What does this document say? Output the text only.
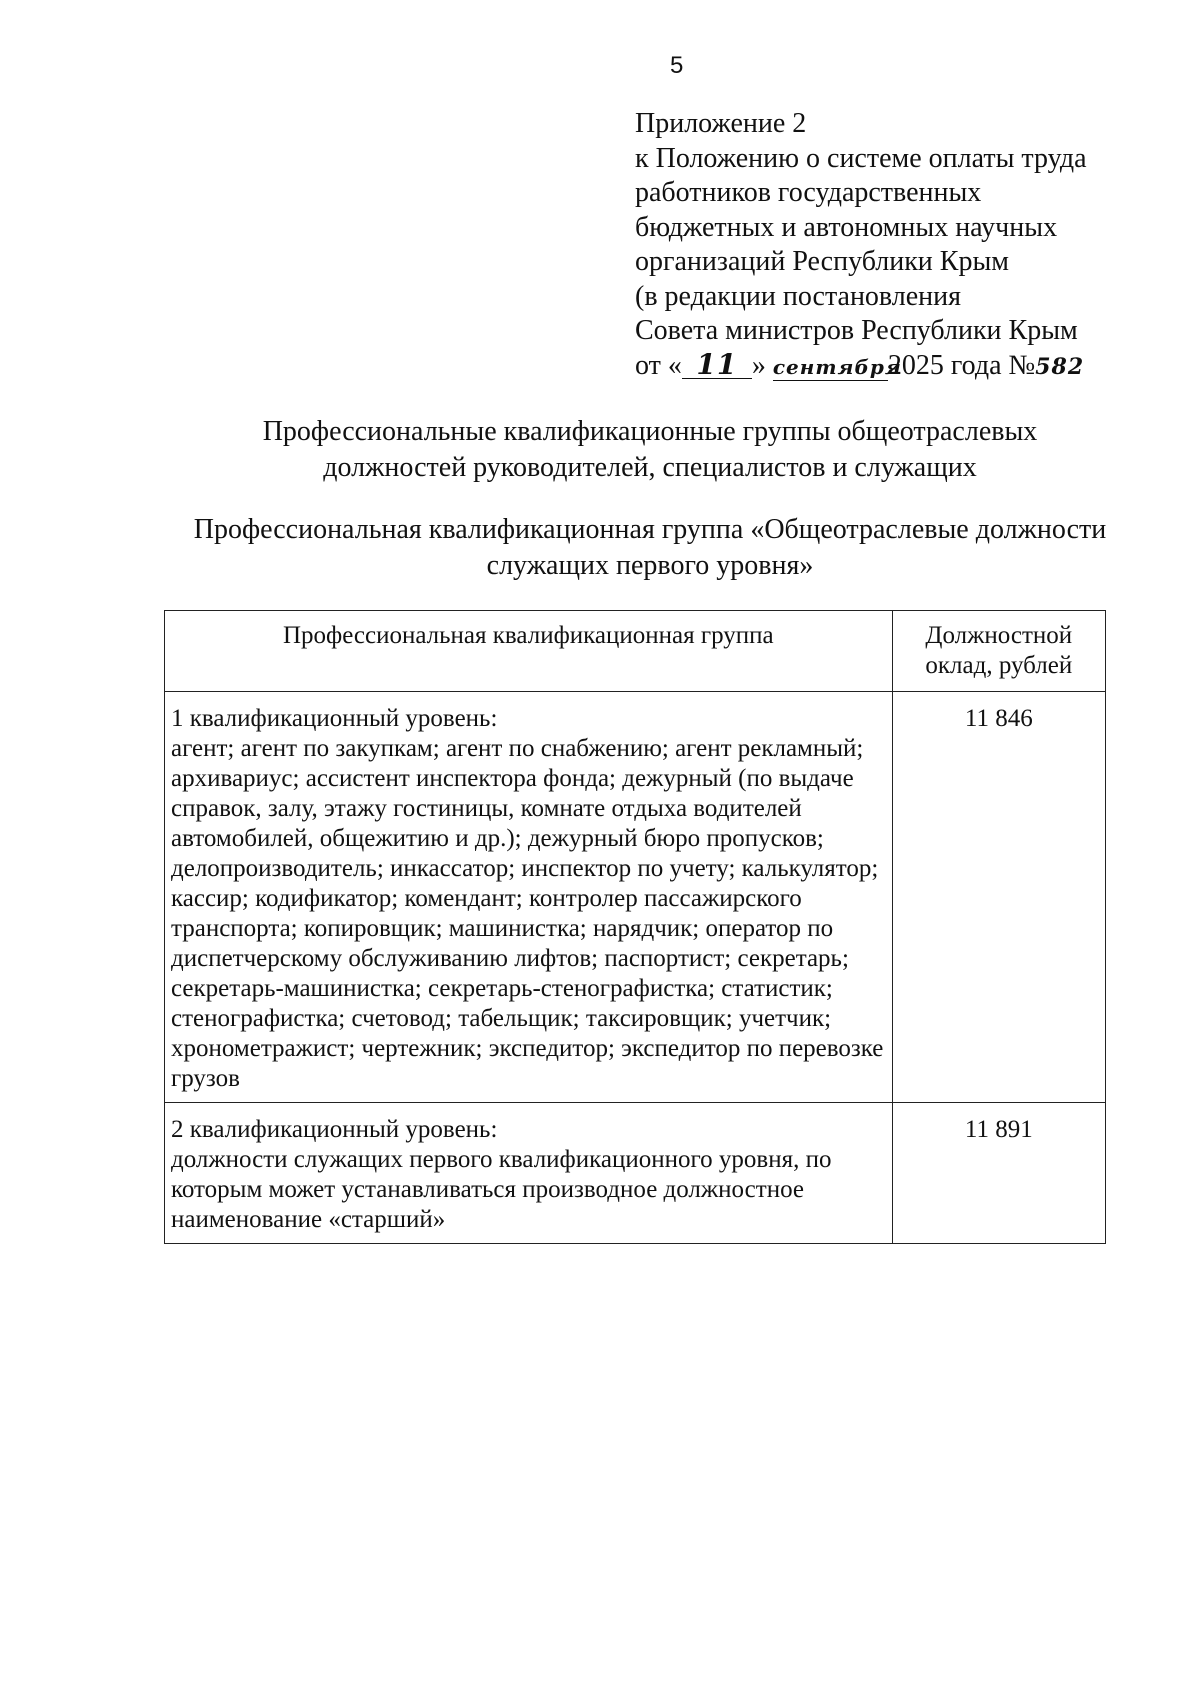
5
Приложение 2
к Положению о системе оплаты труда
работников государственных
бюджетных и автономных научных
организаций Республики Крым
(в редакции постановления
Совета министров Республики Крым
от « 11 » сентября2025 года №582
Профессиональные квалификационные группы общеотраслевых должностей руководителей, специалистов и служащих
Профессиональная квалификационная группа «Общеотраслевые должности служащих первого уровня»
Профессиональная квалификационная группа	Должностной оклад, рублей

1 квалификационный уровень:
агент; агент по закупкам; агент по снабжению; агент рекламный; архивариус; ассистент инспектора фонда; дежурный (по выдаче справок, залу, этажу гостиницы, комнате отдыха водителей автомобилей, общежитию и др.); дежурный бюро пропусков; делопроизводитель; инкассатор; инспектор по учету; калькулятор; кассир; кодификатор; комендант; контролер пассажирского транспорта; копировщик; машинистка; нарядчик; оператор по диспетчерскому обслуживанию лифтов; паспортист; секретарь; секретарь-машинистка; секретарь-стенографистка; статистик; стенографистка; счетовод; табельщик; таксировщик; учетчик; хронометражист; чертежник; экспедитор; экспедитор по перевозке грузов	11 846

2 квалификационный уровень:
должности служащих первого квалификационного уровня, по которым может устанавливаться производное должностное наименование «старший»	11 891
